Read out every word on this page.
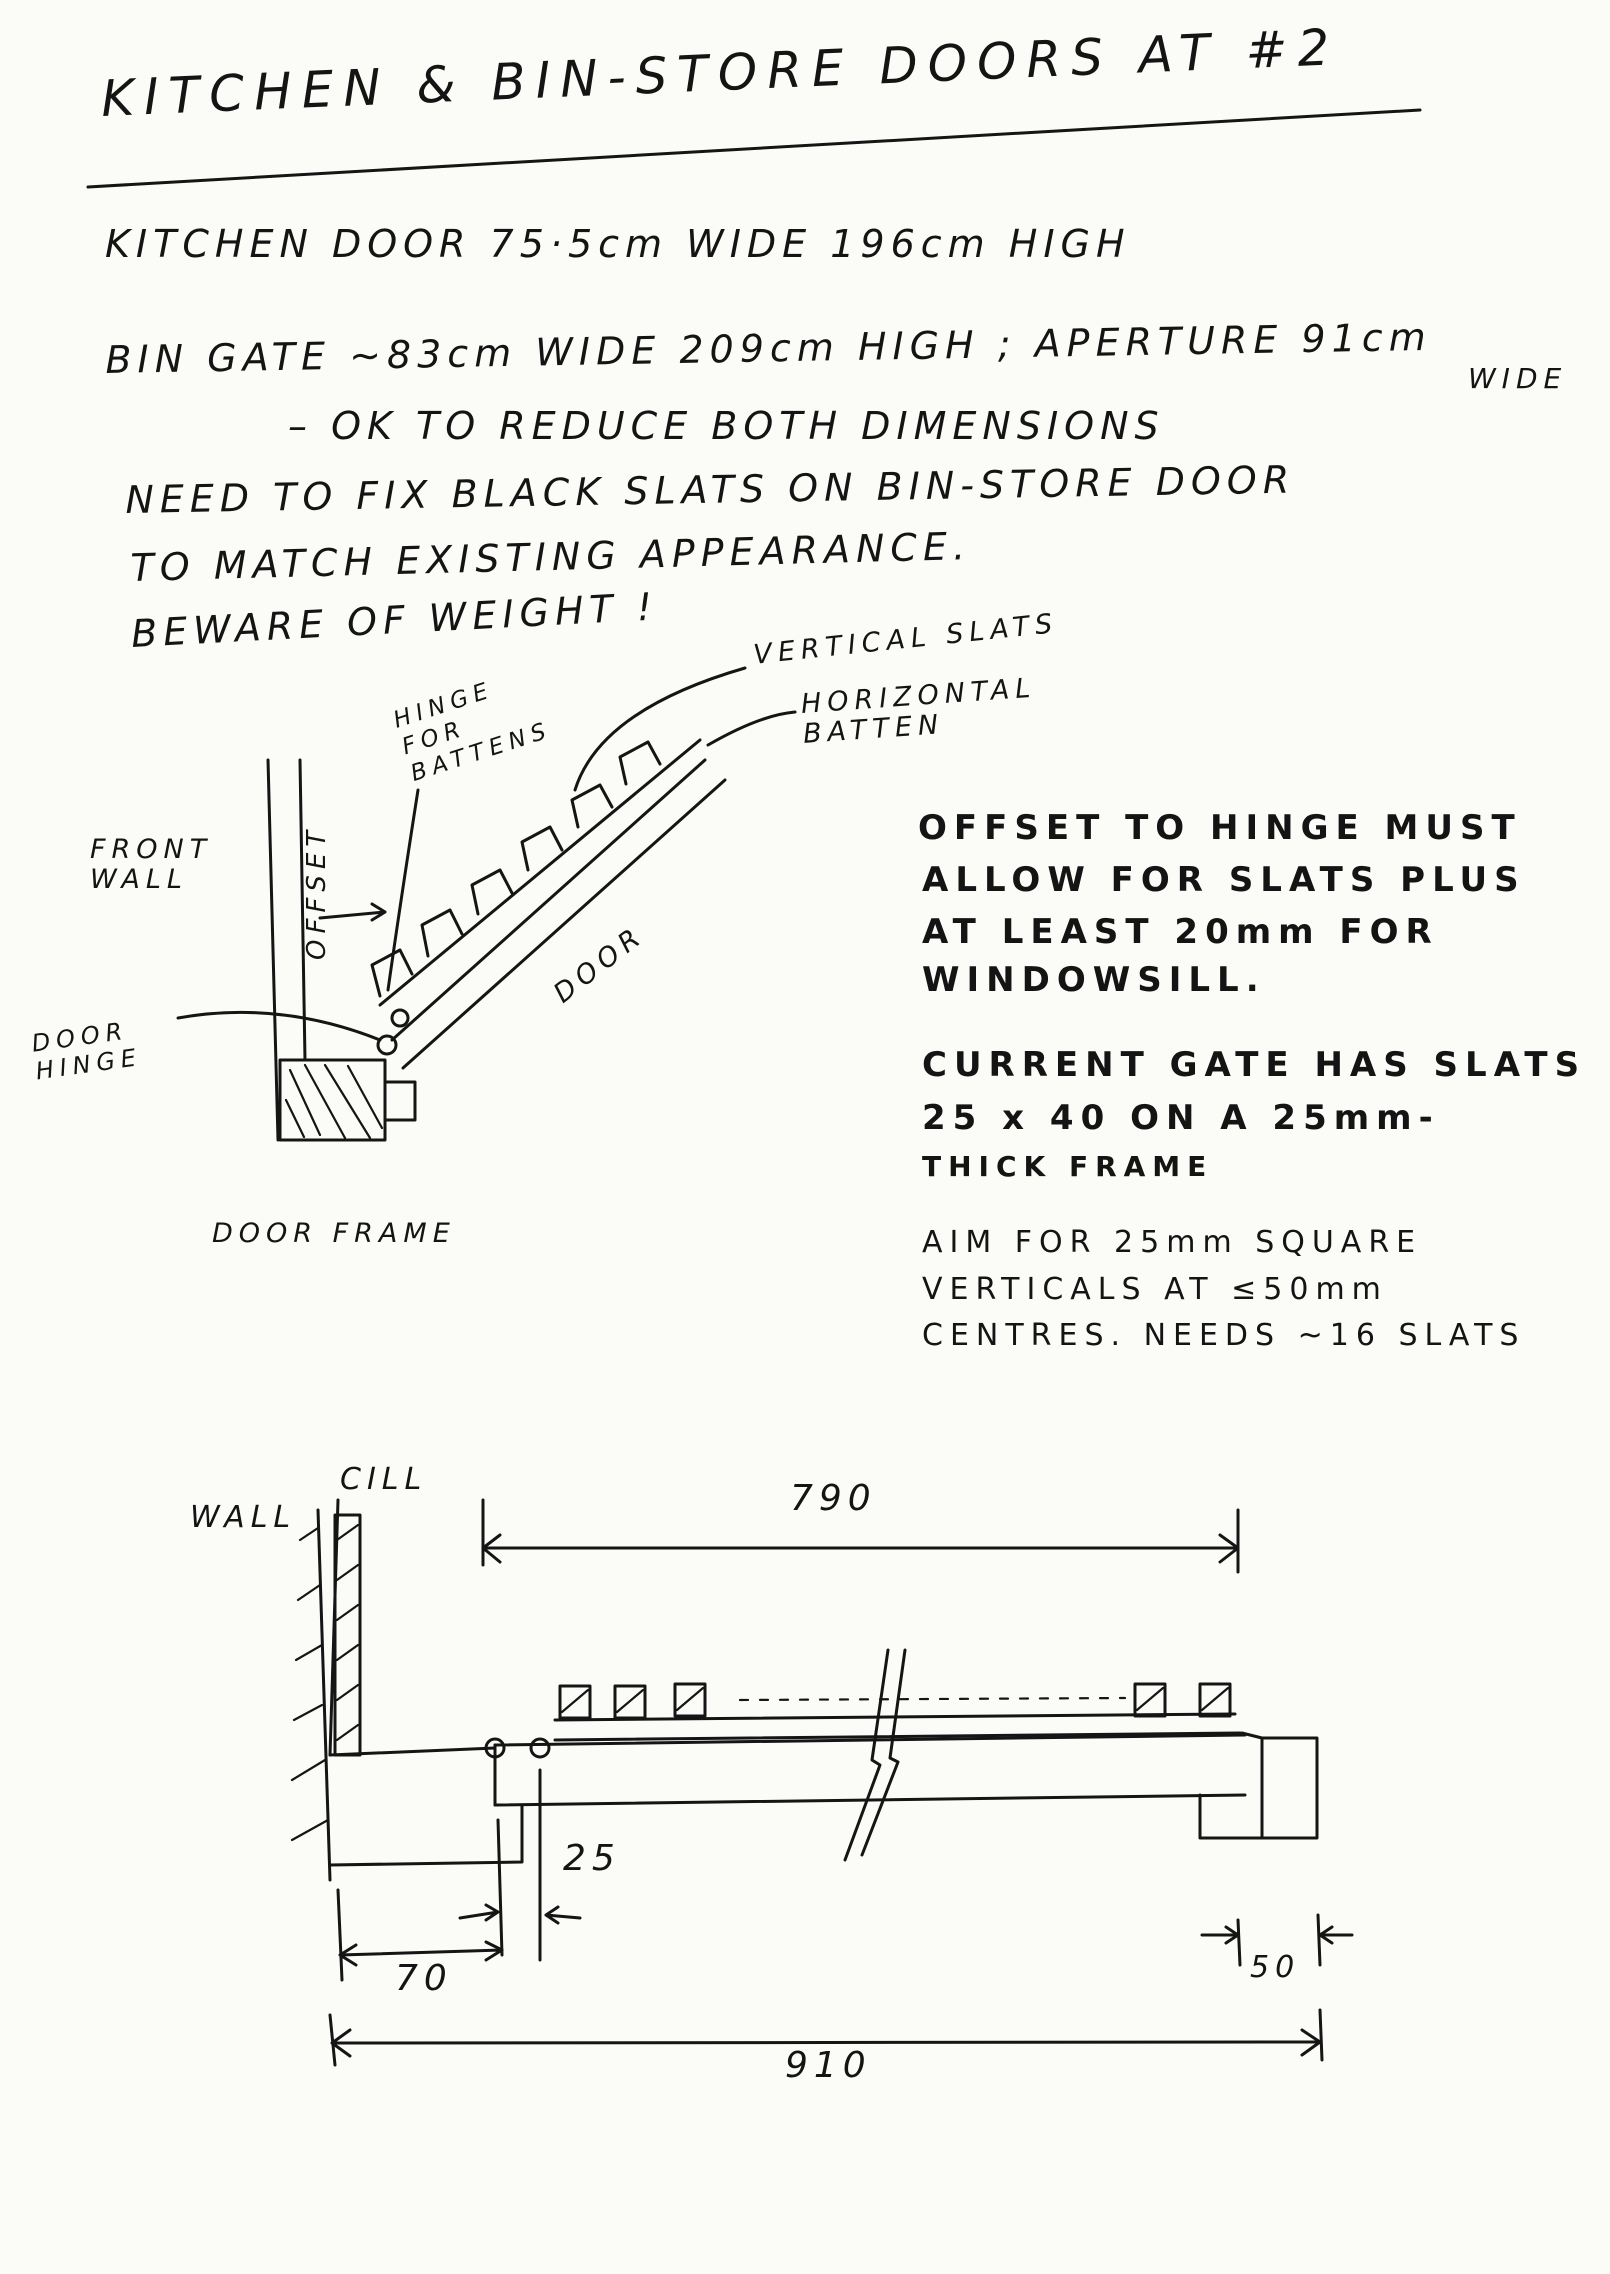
KITCHEN & BIN-STORE DOORS AT #2
KITCHEN DOOR 75·5cm WIDE 196cm HIGH
BIN GATE ~83cm WIDE 209cm HIGH ; APERTURE 91cm WIDE
– OK TO REDUCE BOTH DIMENSIONS
NEED TO FIX BLACK SLATS ON BIN-STORE DOOR
TO MATCH EXISTING APPEARANCE.
BEWARE OF WEIGHT !	VERTICAL SLATS
HORIZONTAL BATTEN
HINGE FOR BATTENS
OFFSET
FRONT WALL
DOOR HINGE
DOOR
DOOR FRAME
OFFSET TO HINGE MUST
ALLOW FOR SLATS PLUS
AT LEAST 20mm FOR
WINDOWSILL.
CURRENT GATE HAS SLATS
25 x 40 ON A 25mm-
THICK FRAME
AIM FOR 25mm SQUARE
VERTICALS AT ≤50mm
CENTRES. NEEDS ~16 SLATS
WALL
CILL	790
25
70	50
910
